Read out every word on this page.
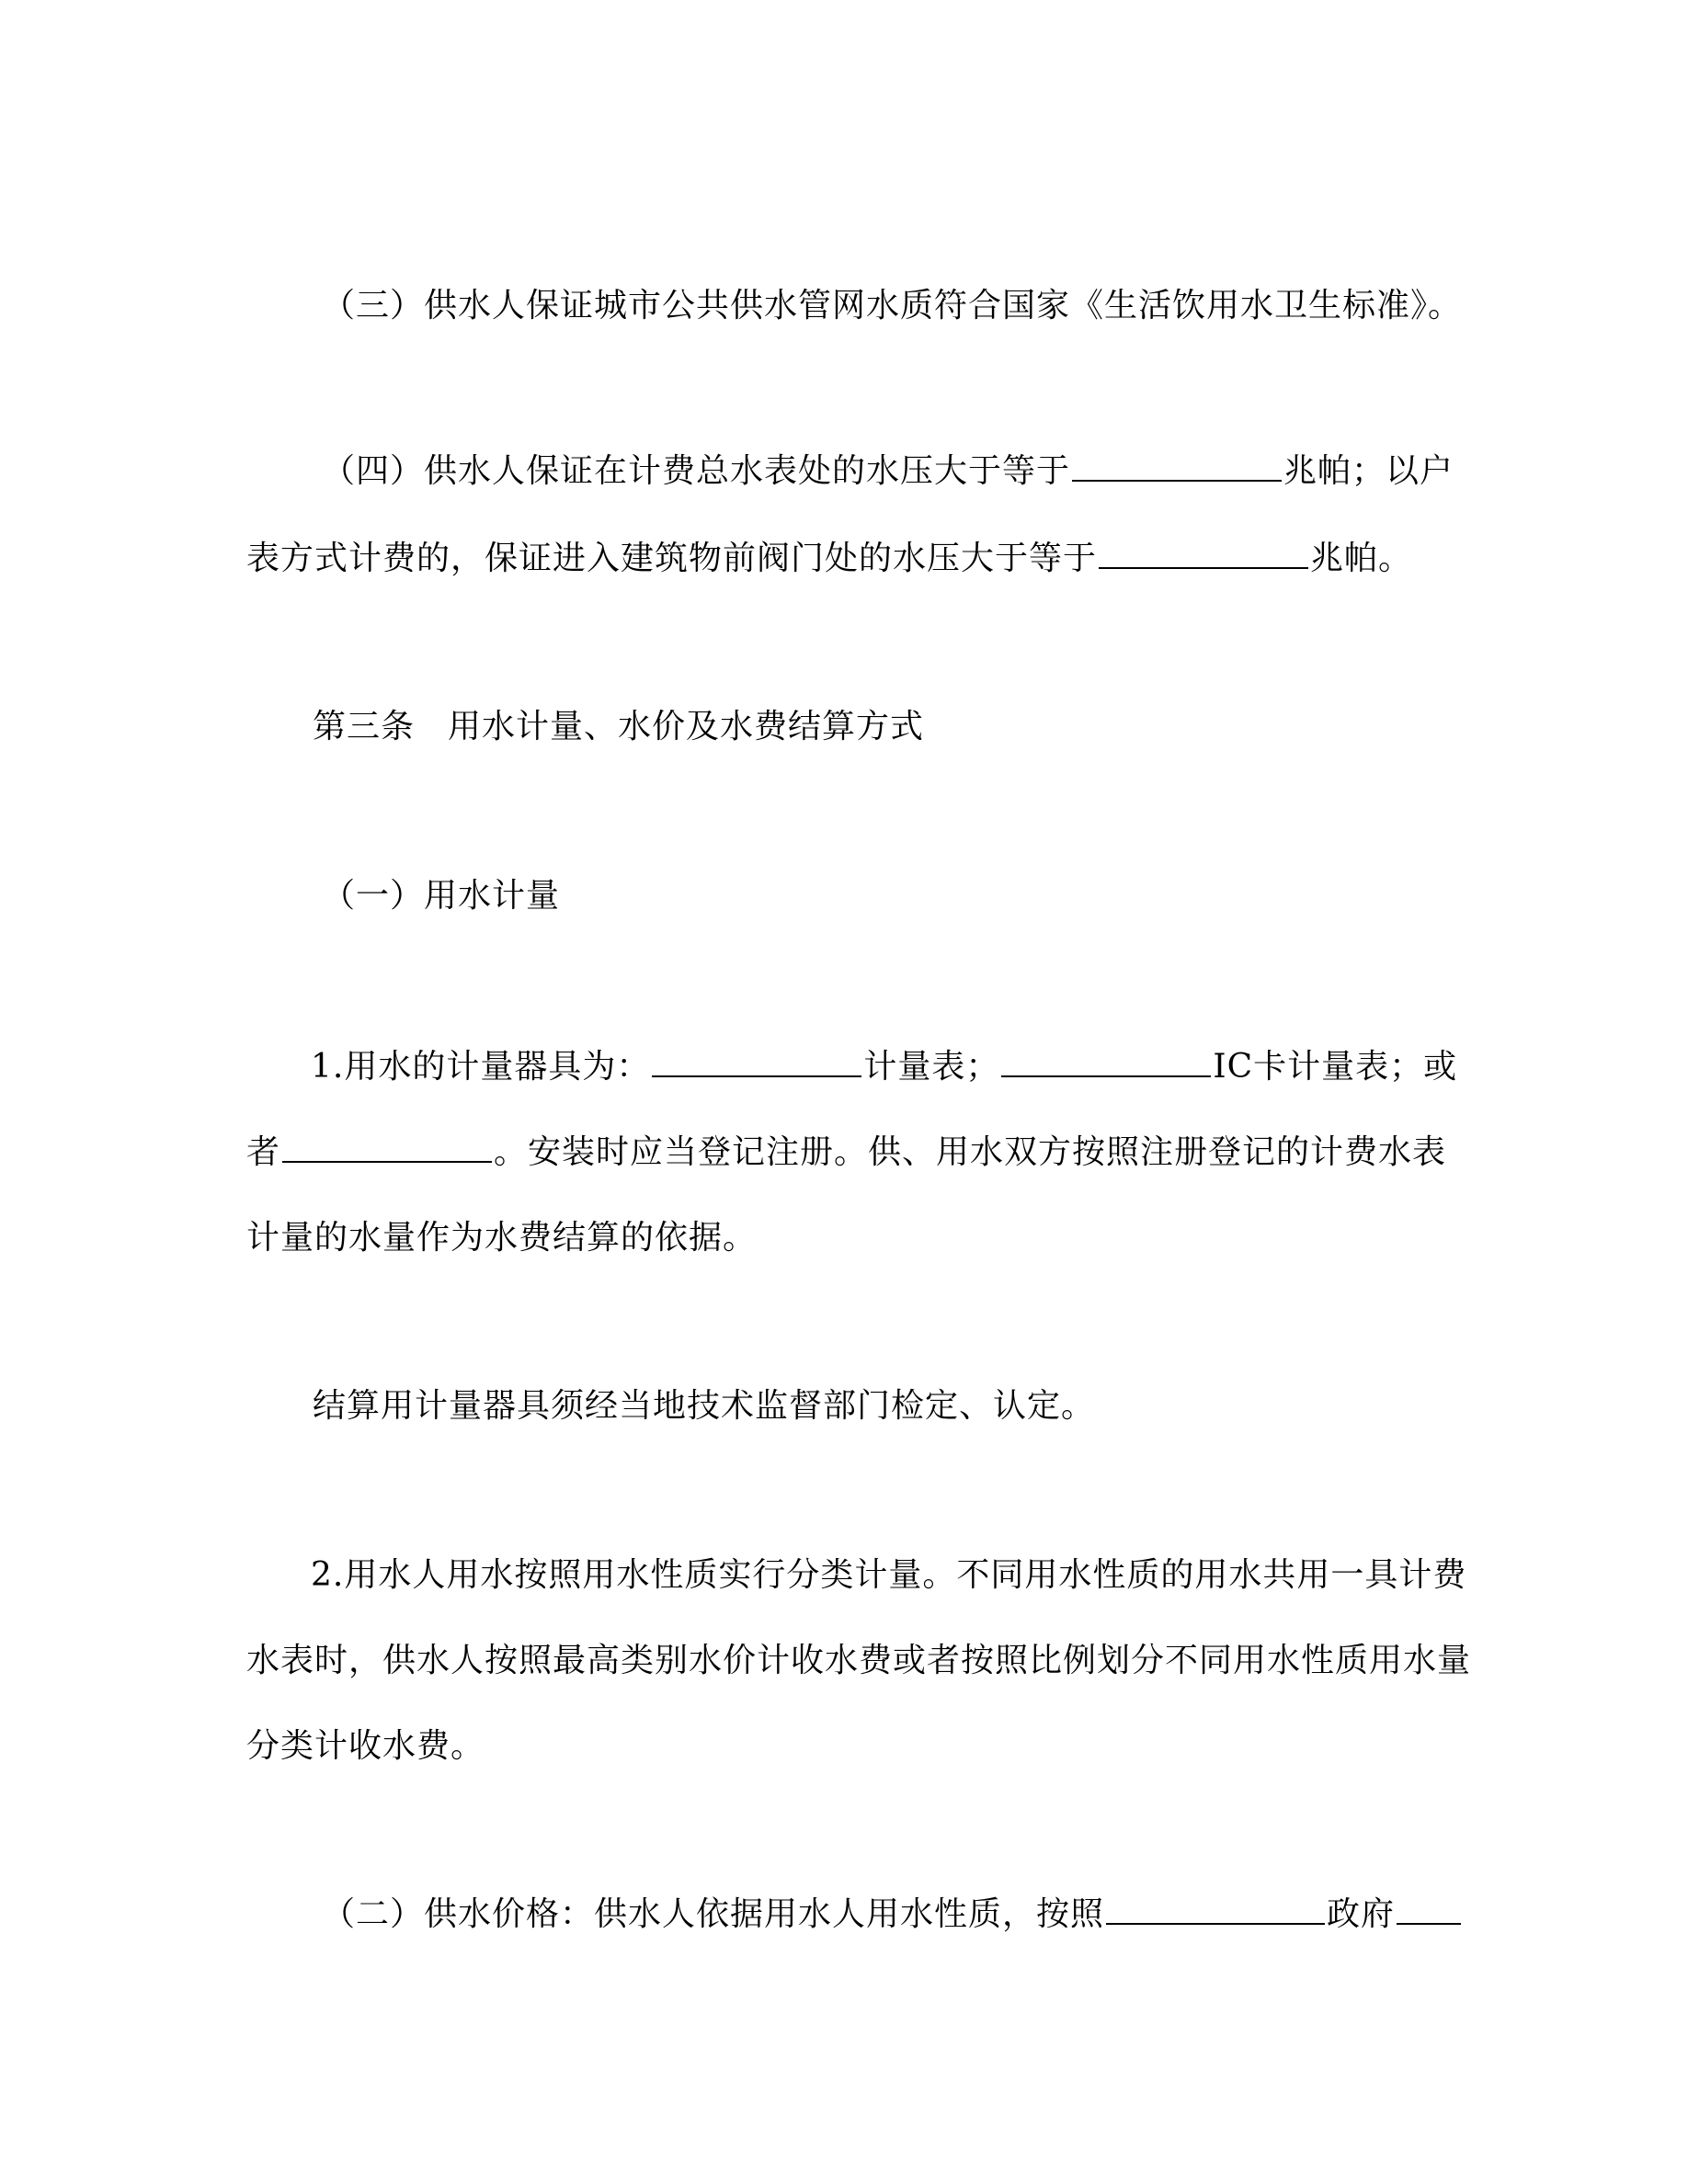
（三）供水人保证城市公共供水管网水质符合国家《生活饮用水卫生标准》。
（四）供水人保证在计费总水表处的水压大于等于	兆帕；以户
表方式计费的，保证进入建筑物前阀门处的水压大于等于	兆帕。
第三条 用水计量、水价及水费结算方式
（一）用水计量
1.用水的计量器具为：	计量表；	IC卡计量表；或
者	。安装时应当登记注册。供、用水双方按照注册登记的计费水表
计量的水量作为水费结算的依据。
结算用计量器具须经当地技术监督部门检定、认定。
2.用水人用水按照用水性质实行分类计量。不同用水性质的用水共用一具计费
水表时，供水人按照最高类别水价计收水费或者按照比例划分不同用水性质用水量
分类计收水费。
（二）供水价格：供水人依据用水人用水性质，按照	政府
